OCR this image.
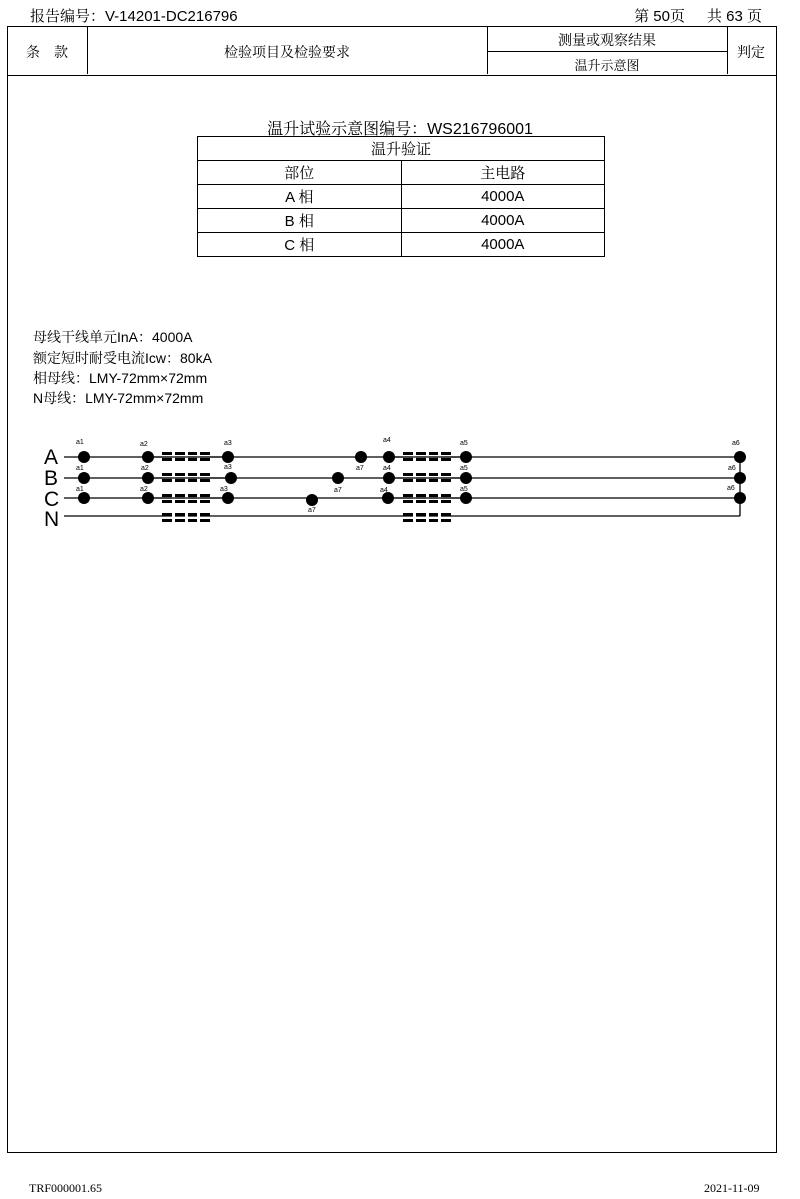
报告编号：V-14201-DC216796	第 50页 共 63 页
条　款	检验项目及检验要求
测量或观察结果
温升示意图
判定
温升试验示意图编号：WS216796001
温升验证	
部位	主电路
A 相	4000A
B 相	4000A
C 相	4000A
母线干线单元InA：4000A
额定短时耐受电流Icw：80kA
相母线：LMY-72mm×72mm
N母线：LMY-72mm×72mm
A
B
C
N
a1	a2	a3	a4	a5	a6
a1	a2	a3	a7	a4	a5	a6
a1	a2	a3	a7	a4	a5	a6
a7
TRF000001.65	2021-11-09
